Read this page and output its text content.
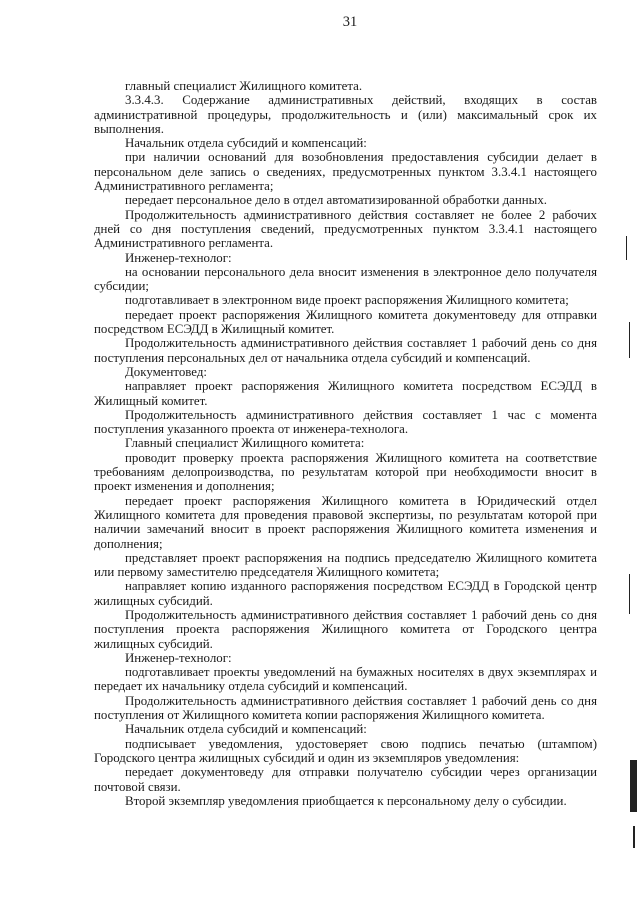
31

главный специалист Жилищного комитета.

3.3.4.3. Содержание административных действий, входящих в состав административной процедуры, продолжительность и (или) максимальный срок их выполнения.

Начальник отдела субсидий и компенсаций:

при наличии оснований для возобновления предоставления субсидии делает в персональном деле запись о сведениях, предусмотренных пунктом 3.3.4.1 настоящего Административного регламента;

передает персональное дело в отдел автоматизированной обработки данных.

Продолжительность административного действия составляет не более 2 рабочих дней со дня поступления сведений, предусмотренных пунктом 3.3.4.1 настоящего Административного регламента.

Инженер-технолог:

на основании персонального дела вносит изменения в электронное дело получателя субсидии;

подготавливает в электронном виде проект распоряжения Жилищного комитета;

передает проект распоряжения Жилищного комитета документоведу для отправки посредством ЕСЭДД в Жилищный комитет.

Продолжительность административного действия составляет 1 рабочий день со дня поступления персональных дел от начальника отдела субсидий и компенсаций.

Документовед:

направляет проект распоряжения Жилищного комитета посредством ЕСЭДД в Жилищный комитет.

Продолжительность административного действия составляет 1 час с момента поступления указанного проекта от инженера-технолога.

Главный специалист Жилищного комитета:

проводит проверку проекта распоряжения Жилищного комитета на соответствие требованиям делопроизводства, по результатам которой при необходимости вносит в проект изменения и дополнения;

передает проект распоряжения Жилищного комитета в Юридический отдел Жилищного комитета для проведения правовой экспертизы, по результатам которой при наличии замечаний вносит в проект распоряжения Жилищного комитета изменения и дополнения;

представляет проект распоряжения на подпись председателю Жилищного комитета или первому заместителю председателя Жилищного комитета;

направляет копию изданного распоряжения посредством ЕСЭДД в Городской центр жилищных субсидий.

Продолжительность административного действия составляет 1 рабочий день со дня поступления проекта распоряжения Жилищного комитета от Городского центра жилищных субсидий.

Инженер-технолог:

подготавливает проекты уведомлений на бумажных носителях в двух экземплярах и передает их начальнику отдела субсидий и компенсаций.

Продолжительность административного действия составляет 1 рабочий день со дня поступления от Жилищного комитета копии распоряжения Жилищного комитета.

Начальник отдела субсидий и компенсаций:

подписывает уведомления, удостоверяет свою подпись печатью (штампом) Городского центра жилищных субсидий и один из экземпляров уведомления:

передает документоведу для отправки получателю субсидии через организации почтовой связи.

Второй экземпляр уведомления приобщается к персональному делу о субсидии.
